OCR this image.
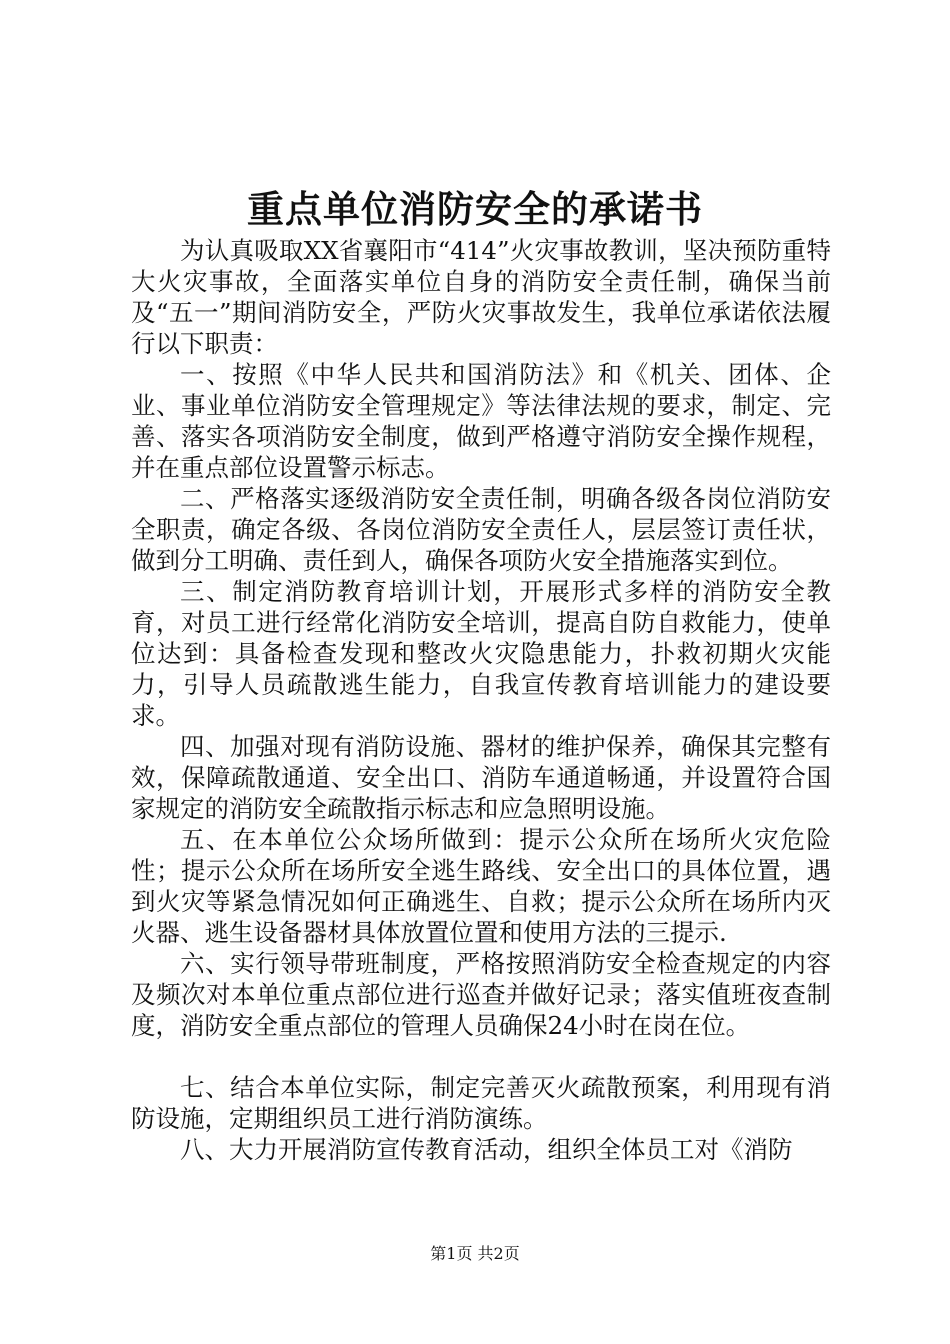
重点单位消防安全的承诺书

为认真吸取XX省襄阳市“414”火灾事故教训，坚决预防重特大火灾事故，全面落实单位自身的消防安全责任制，确保当前及“五一”期间消防安全，严防火灾事故发生，我单位承诺依法履行以下职责：

一、按照《中华人民共和国消防法》和《机关、团体、企业、事业单位消防安全管理规定》等法律法规的要求，制定、完善、落实各项消防安全制度，做到严格遵守消防安全操作规程，并在重点部位设置警示标志。

二、严格落实逐级消防安全责任制，明确各级各岗位消防安全职责，确定各级、各岗位消防安全责任人，层层签订责任状，做到分工明确、责任到人，确保各项防火安全措施落实到位。

三、制定消防教育培训计划，开展形式多样的消防安全教育，对员工进行经常化消防安全培训，提高自防自救能力，使单位达到：具备检查发现和整改火灾隐患能力，扑救初期火灾能力，引导人员疏散逃生能力，自我宣传教育培训能力的建设要求。

四、加强对现有消防设施、器材的维护保养，确保其完整有效，保障疏散通道、安全出口、消防车通道畅通，并设置符合国家规定的消防安全疏散指示标志和应急照明设施。

五、在本单位公众场所做到：提示公众所在场所火灾危险性；提示公众所在场所安全逃生路线、安全出口的具体位置，遇到火灾等紧急情况如何正确逃生、自救；提示公众所在场所内灭火器、逃生设备器材具体放置位置和使用方法的三提示.

六、实行领导带班制度，严格按照消防安全检查规定的内容及频次对本单位重点部位进行巡查并做好记录；落实值班夜查制度，消防安全重点部位的管理人员确保24小时在岗在位。

七、结合本单位实际，制定完善灭火疏散预案，利用现有消防设施，定期组织员工进行消防演练。

八、大力开展消防宣传教育活动，组织全体员工对《消防

第1页 共2页
